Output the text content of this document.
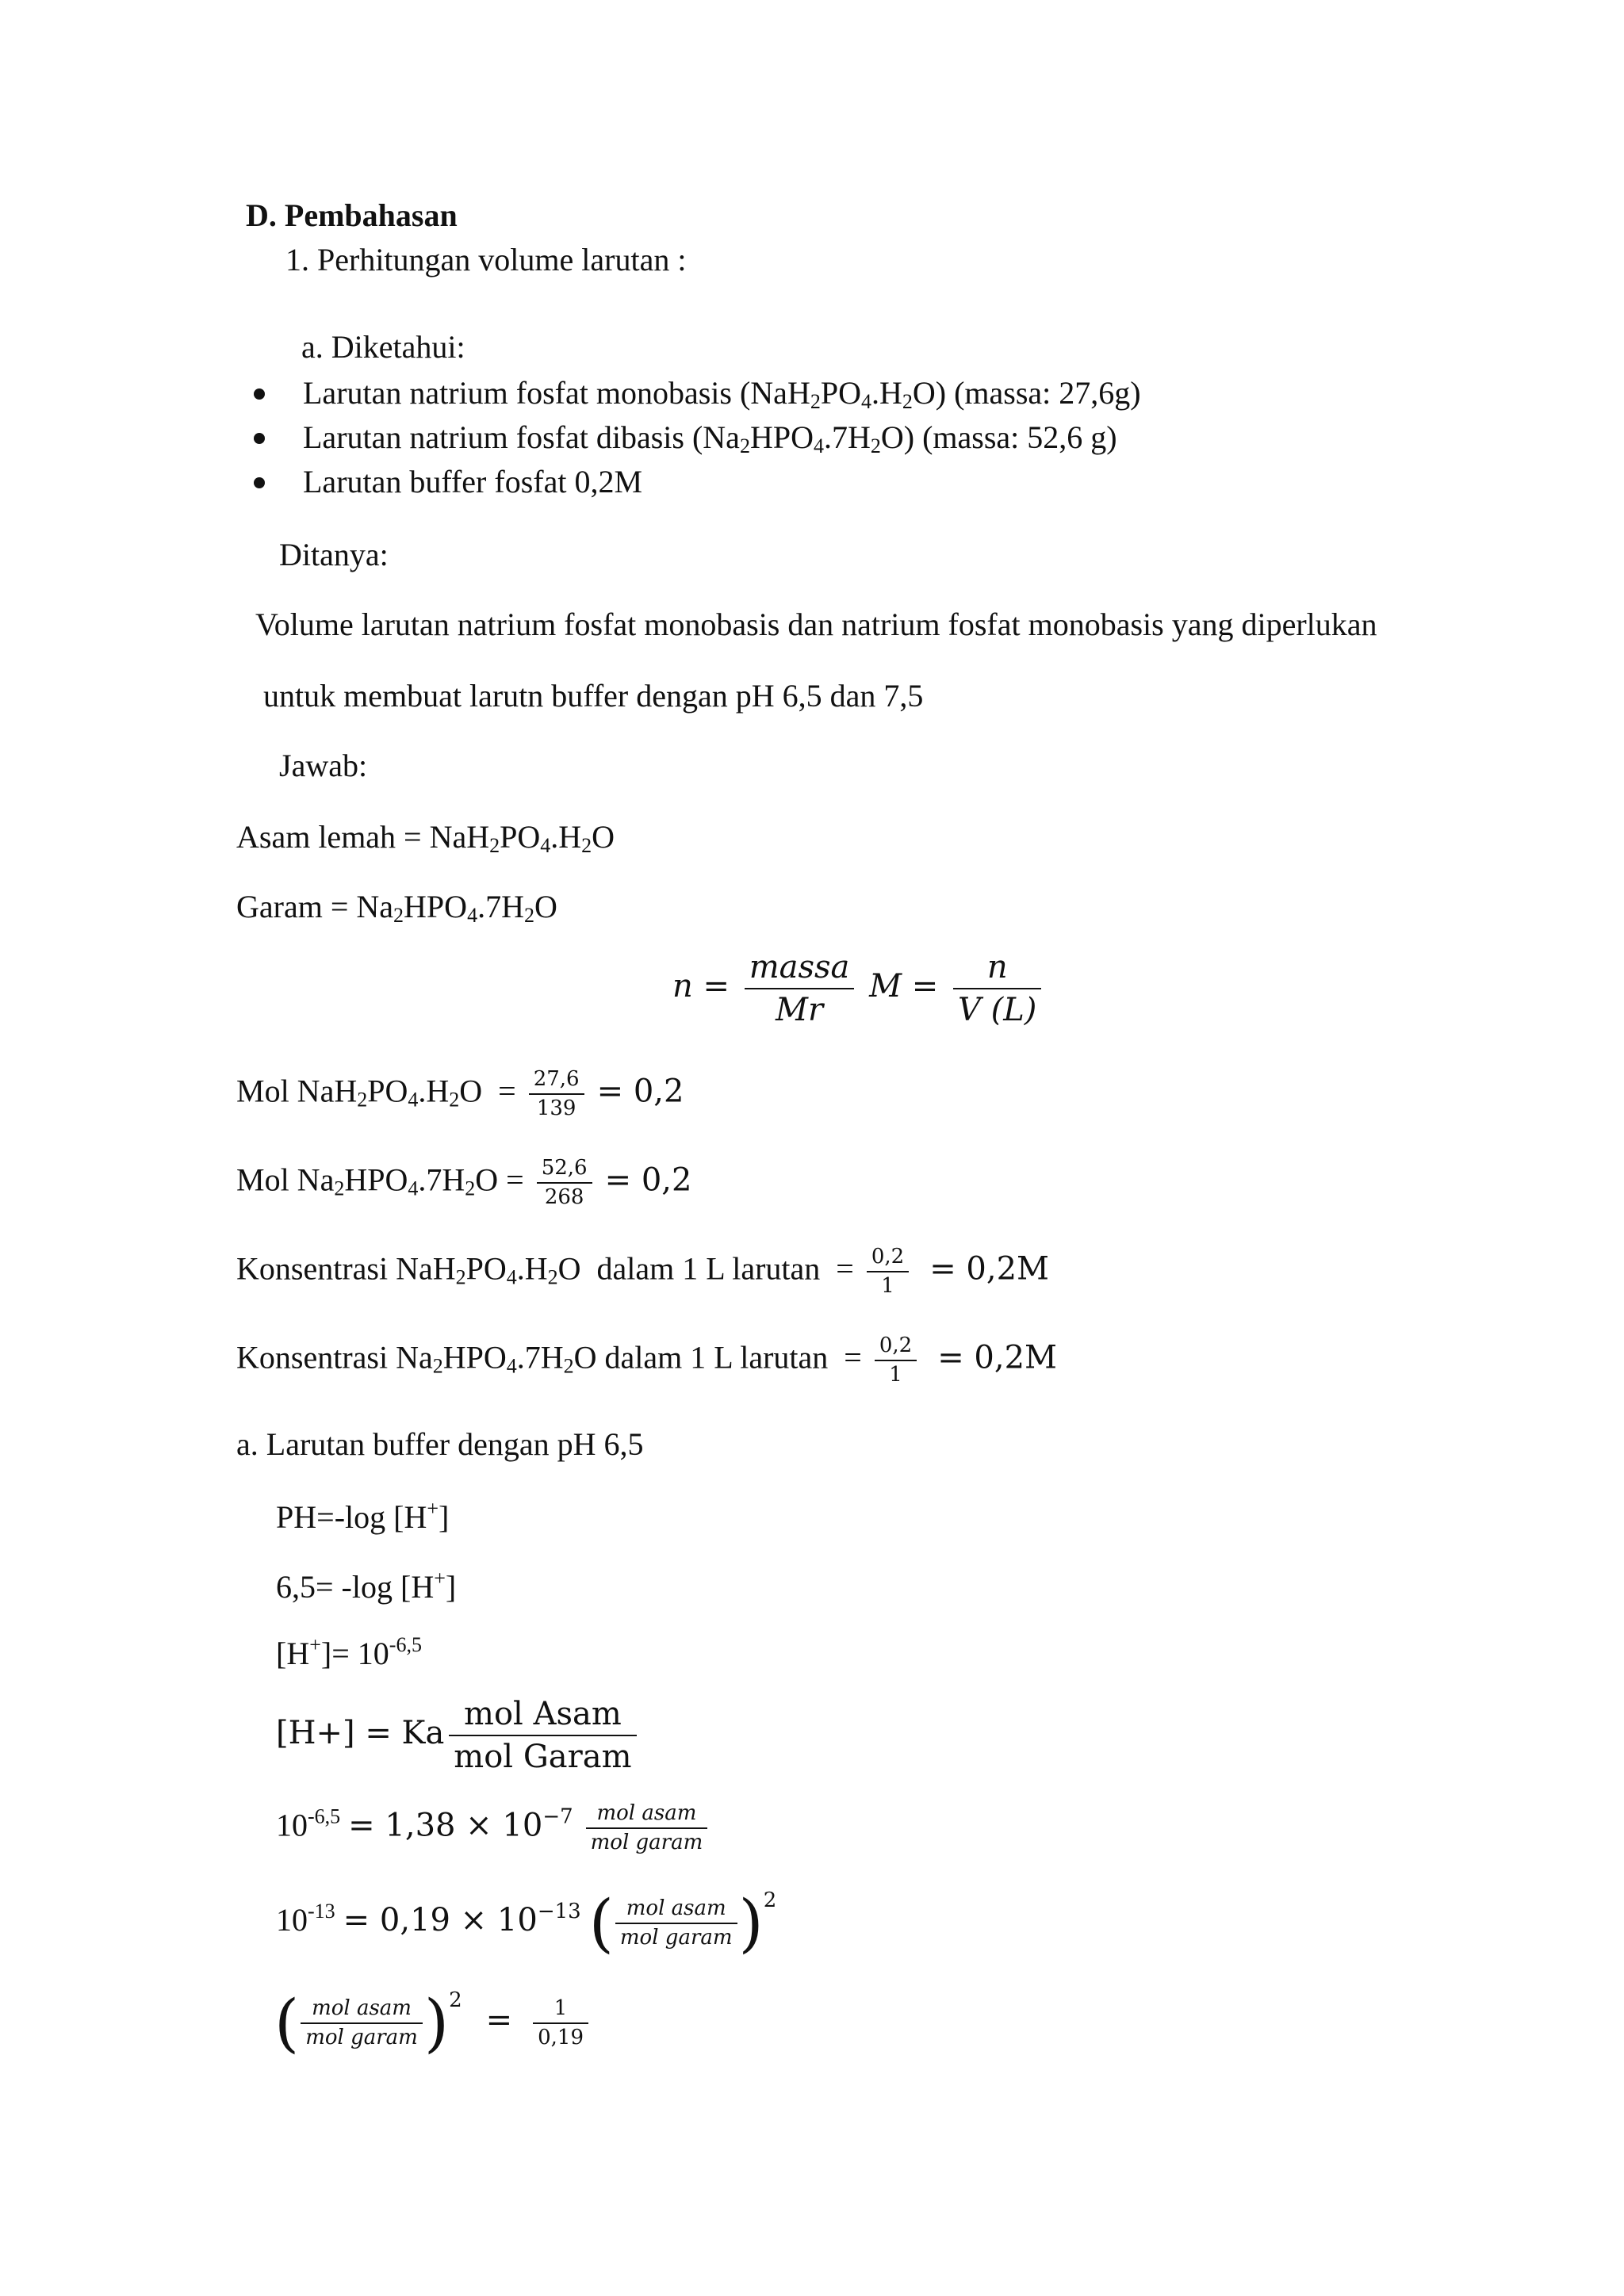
D. Pembahasan
1. Perhitungan volume larutan :
a. Diketahui:
Larutan natrium fosfat monobasis $(NaH_2PO_4.H_2O)$ (massa: 27,6g)
Larutan natrium fosfat dibasis $(Na_2HPO_4.7H_2O)$ (massa: 52,6 g)
Larutan buffer fosfat 0,2M
Ditanya:
Volume larutan natrium fosfat monobasis dan natrium fosfat monobasis yang diperlukan
untuk membuat larutn buffer dengan pH 6,5 dan 7,5
Jawab:
Asam lemah = $NaH_2PO_4.H_2O$
Garam = $Na_2HPO_4.7H_2O$
$n = \frac{\text{massa}}{Mr}$ $M = \frac{n}{V (L)}$
Mol $NaH_2PO_4.H_2O = \frac{27,6}{139} = 0,2$
Mol $Na_2HPO_4.7H_2O = \frac{52,6}{268} = 0,2$
Konsentrasi $NaH_2PO_4.H_2O$  dalam 1 L larutan  = $\frac{0,2}{1} = 0,2M$
Konsentrasi $Na_2HPO_4.7H_2O$ dalam 1 L larutan  = $\frac{0,2}{1} = 0,2M$
a. Larutan buffer dengan pH 6,5
PH=-log [H+]
6,5= -log [H+]
$[H^+]= 10^{-6,5}$
[H+] = Ka $\frac{\text{mol Asam}}{\text{mol Garam}}$
$10^{-6,5} = 1,38 \times 10^{-7} \frac{\text{mol asam}}{\text{mol garam}}$
$10^{-13} = 0,19 \times 10^{-13}$ ( $\frac{\text{mol asam}}{\text{mol garam}} )^2$
( $\frac{\text{mol asam}}{\text{mol garam}} )^2 = \frac{1}{0,19}$
